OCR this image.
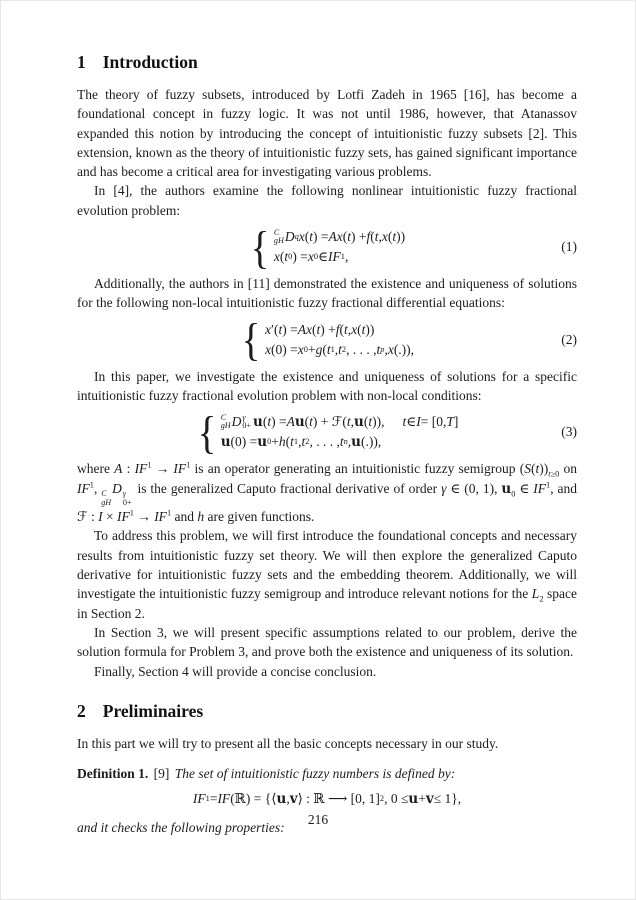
1 Introduction

The theory of fuzzy subsets, introduced by Lotfi Zadeh in 1965 [16], has become a foundational concept in fuzzy logic. It was not until 1986, however, that Atanassov expanded this notion by introducing the concept of intuitionistic fuzzy subsets [2]. This extension, known as the theory of intuitionistic fuzzy sets, has gained significant importance and has become a critical area for investigating various problems.

In [4], the authors examine the following nonlinear intuitionistic fuzzy fractional evolution problem:

{ C
gH D q x ( t ) = Ax ( t ) + f ( t , x ( t ))
x ( t 0 ) = x 0 ∈ IF 1 ,
(1)

Additionally, the authors in [11] demonstrated the existence and uniqueness of solutions for the following non-local intuitionistic fuzzy fractional differential equations:

{ x ′( t ) = Ax ( t ) + f ( t , x ( t ))
x (0) = x 0 + g ( t 1 , t 2 , . . . , t p , x (.)),
(2)

In this paper, we investigate the existence and uniqueness of solutions for a specific intuitionistic fuzzy fractional evolution problem with non-local conditions:

{ C
gH D γ
0+ u ( t ) = A u ( t ) + ℱ( t , u ( t )), t ∈ I = [0, T ]
u (0) = u 0 + h ( t 1 , t 2 , . . . , t n , u (.)),
(3)

where A : $IF^1 \to IF^1$ is an operator generating an intuitionistic fuzzy semigroup $(S(t))_{t\ge 0}$ on $IF^1$, C
gH
D γ
0+
is the generalized Caputo fractional derivative of order γ ∈ (0, 1), $u_0$ ∈ $IF^1$, and ℱ : $I \times IF^1 \to IF^1$ and h are given functions.

To address this problem, we will first introduce the foundational concepts and necessary results from intuitionistic fuzzy set theory. We will then explore the generalized Caputo derivative for intuitionistic fuzzy sets and the embedding theorem. Additionally, we will investigate the intuitionistic fuzzy semigroup and introduce relevant notions for the $L_2$ space in Section 2.

In Section 3, we will present specific assumptions related to our problem, derive the solution formula for Problem 3, and prove both the existence and uniqueness of its solution.

Finally, Section 4 will provide a concise conclusion.

2 Preliminaires

In this part we will try to present all the basic concepts necessary in our study.

Definition 1. [9] The set of intuitionistic fuzzy numbers is defined by:

IF 1 = IF (ℝ) = {⟨ u , v ⟩ : ℝ ⟶ [0, 1] 2 , 0 ≤ u + v ≤ 1},

and it checks the following properties:

216
